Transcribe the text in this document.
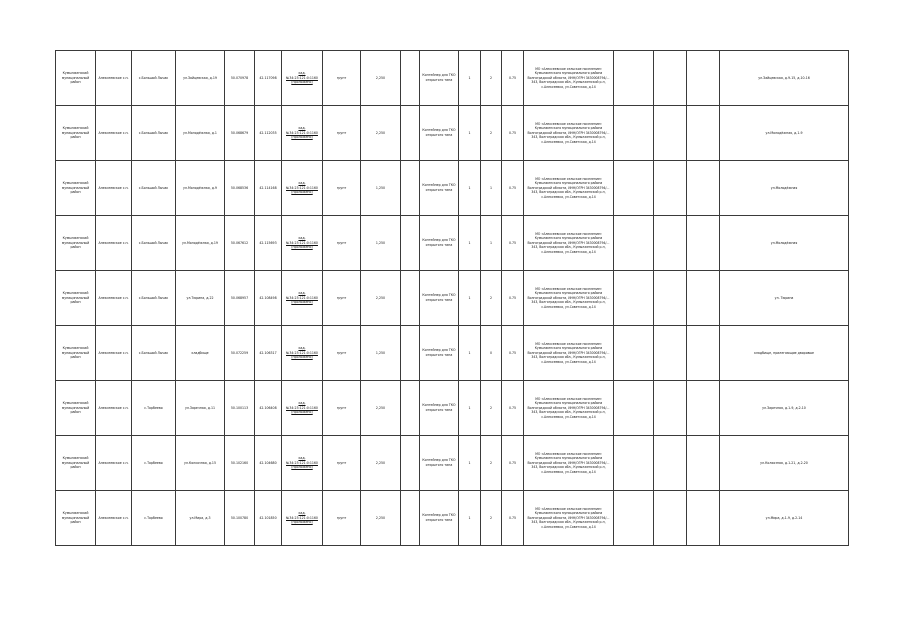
Кумылженский муниципальный район	Алексеевское с.п.	с.Большой Лычак	ул.Зайцевская, д.19	50.070978	42.117098	кад.№34:23:121:0:1160 (проложено)	грунт	2,250		Контейнер для ТКО открытого типа	1	2	0.75	МО «Алексеевское сельское поселение» Кумылженского муниципального района Волгоградской области, ИНН/ОГРН 3430008794/…343, Волгоградская обл., Кумылженский р-н, с.Алексеевка, ул.Советская, д.14				ул.Зайцевская, д.9-15, д.10-16
Кумылженский муниципальный район	Алексеевское с.п.	с.Большой Лычак	ул.Молодёжная, д.1	50.068679	42.112035	кад.№34:23:121:0:1160 (проложено)	грунт	2,250		Контейнер для ТКО открытого типа	1	2	0.75	МО «Алексеевское сельское поселение» Кумылженского муниципального района Волгоградской области, ИНН/ОГРН 3430008794/…343, Волгоградская обл., Кумылженский р-н, с.Алексеевка, ул.Советская, д.14				ул.Молодёжная, д.1-9
Кумылженский муниципальный район	Алексеевское с.п.	с.Большой Лычак	ул.Молодёжная, д.9	50.068536	42.114168	кад.№34:23:121:0:1160 (проложено)	грунт	1,250		Контейнер для ТКО открытого типа	1	1	0.75	МО «Алексеевское сельское поселение» Кумылженского муниципального района Волгоградской области, ИНН/ОГРН 3430008794/…343, Волгоградская обл., Кумылженский р-н, с.Алексеевка, ул.Советская, д.14				ул.Молодёжная
Кумылженский муниципальный район	Алексеевское с.п.	с.Большой Лычак	ул.Молодёжная, д.19	50.067612	42.115693	кад.№34:23:121:0:1160 (проложено)	грунт	1,250		Контейнер для ТКО открытого типа	1	1	0.75	МО «Алексеевское сельское поселение» Кумылженского муниципального района Волгоградской области, ИНН/ОГРН 3430008794/…343, Волгоградская обл., Кумылженский р-н, с.Алексеевка, ул.Советская, д.14				ул.Молодёжная
Кумылженский муниципальный район	Алексеевское с.п.	с.Большой Лычак	ул.Тюрина, д.22	50.068957	42.108498	кад.№34:23:121:0:1160 (проложено)	грунт	2,250		Контейнер для ТКО открытого типа	1	2	0.75	МО «Алексеевское сельское поселение» Кумылженского муниципального района Волгоградской области, ИНН/ОГРН 3430008794/…343, Волгоградская обл., Кумылженский р-н, с.Алексеевка, ул.Советская, д.14				ул. Тюрина
Кумылженский муниципальный район	Алексеевское с.п.	с.Большой Лычак	кладбище	50.072259	42.106317	кад.№34:23:121:0:1160 (проложено)	грунт	1,250		Контейнер для ТКО открытого типа	1	0	0.75	МО «Алексеевское сельское поселение» Кумылженского муниципального района Волгоградской области, ИНН/ОГРН 3430008794/…343, Волгоградская обл., Кумылженский р-н, с.Алексеевка, ул.Советская, д.14				кладбище, прилегающие дворовые
Кумылженский муниципальный район	Алексеевское с.п.	с.Торбеево	ул.Заречная, д.11	50.100113	42.106408	кад.№34:23:121:0:1160 (проложено)	грунт	2,250		Контейнер для ТКО открытого типа	1	2	0.75	МО «Алексеевское сельское поселение» Кумылженского муниципального района Волгоградской области, ИНН/ОГРН 3430008794/…343, Волгоградская обл., Кумылженский р-н, с.Алексеевка, ул.Советская, д.14				ул.Заречная, д.1-9, д.2-10
Кумылженский муниципальный район	Алексеевское с.п.	с.Торбеево	ул.Колхозная, д.15	50.102160	42.104680	кад.№34:23:121:0:1160 (проложено)	грунт	2,250		Контейнер для ТКО открытого типа	1	2	0.75	МО «Алексеевское сельское поселение» Кумылженского муниципального района Волгоградской области, ИНН/ОГРН 3430008794/…343, Волгоградская обл., Кумылженский р-н, с.Алексеевка, ул.Советская, д.14				ул.Колхозная, д.1-21, д.2-20
Кумылженский муниципальный район	Алексеевское с.п.	с.Торбеево	ул.Мира, д.3	50.100780	42.101850	кад.№34:23:121:0:1160 (проложено)	грунт	2,250		Контейнер для ТКО открытого типа	1	2	0.75	МО «Алексеевское сельское поселение» Кумылженского муниципального района Волгоградской области, ИНН/ОГРН 3430008794/…343, Волгоградская обл., Кумылженский р-н, с.Алексеевка, ул.Советская, д.14				ул.Мира, д.1-9, д.2-14
